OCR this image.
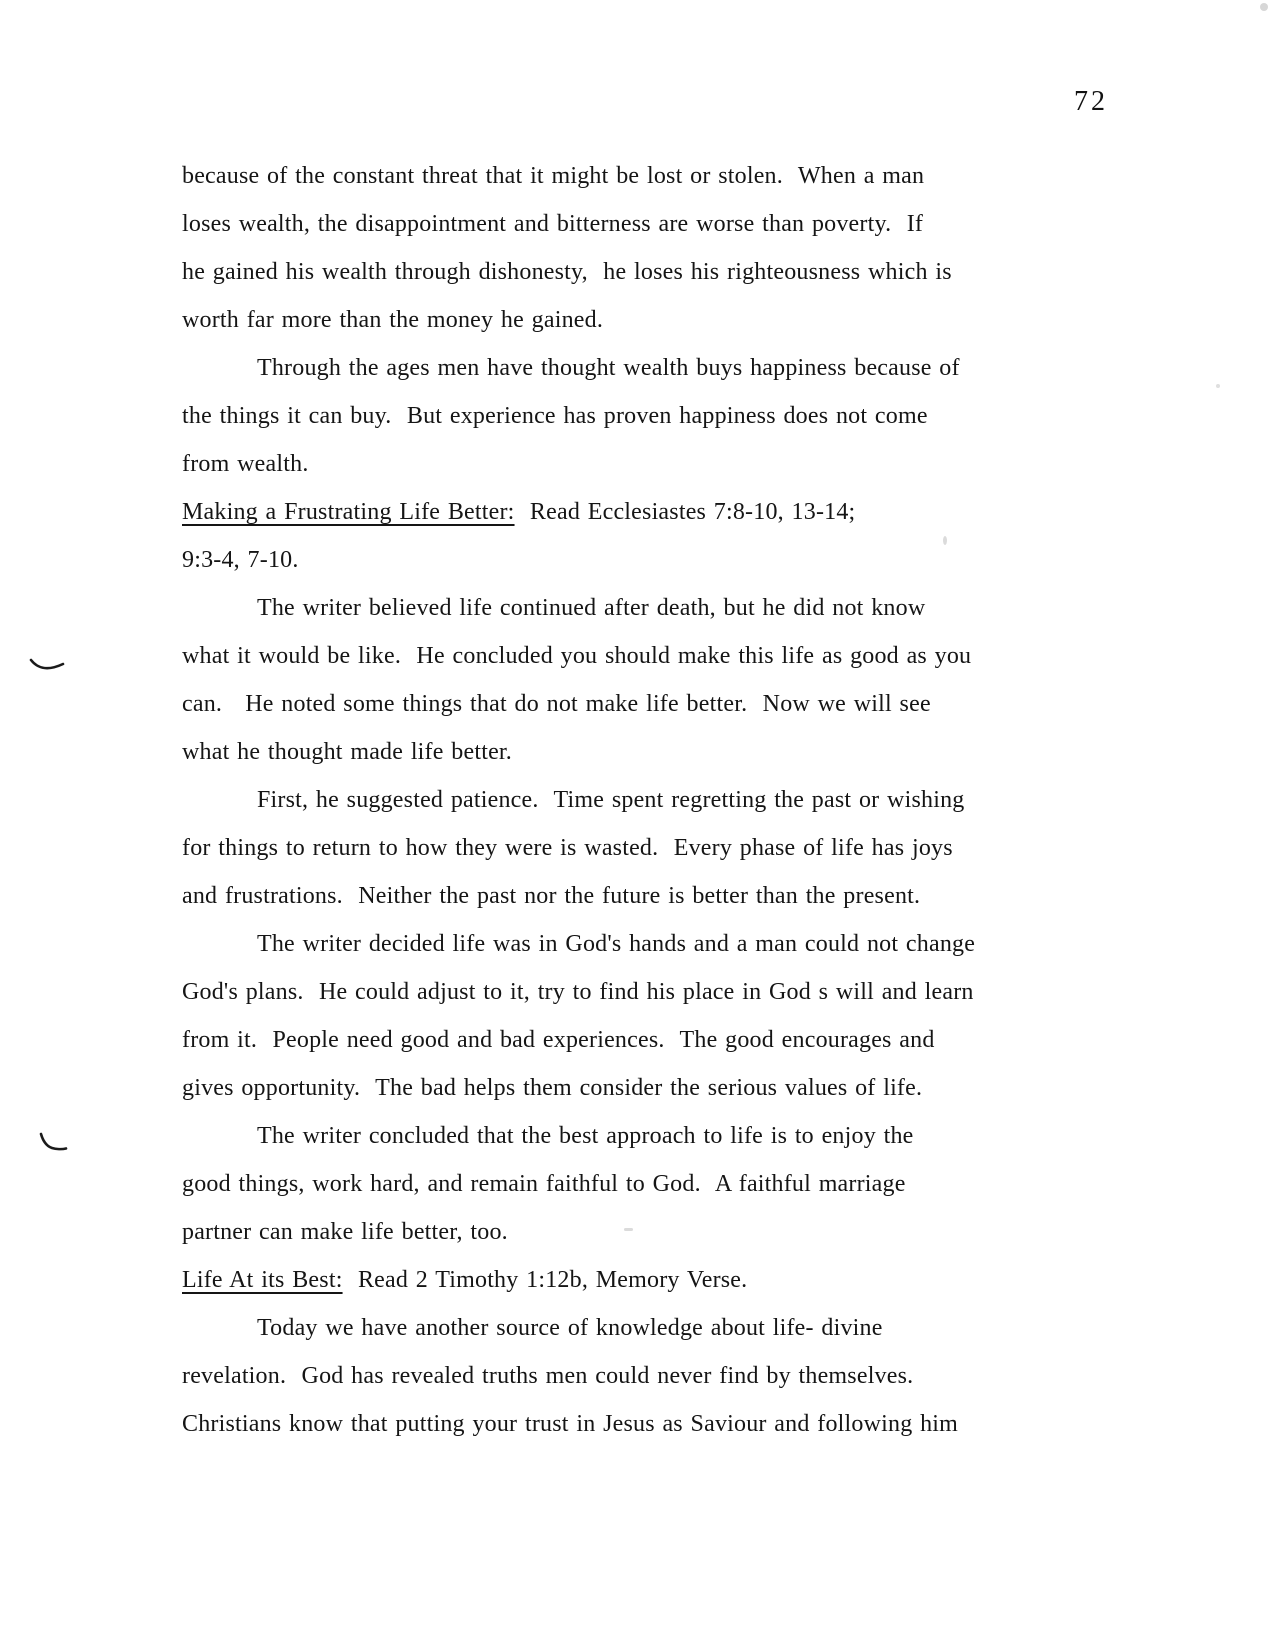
72
because of the constant threat that it might be lost or stolen.  When a man
loses wealth, the disappointment and bitterness are worse than poverty.  If
he gained his wealth through dishonesty,  he loses his righteousness which is
worth far more than the money he gained.
Through the ages men have thought wealth buys happiness because of
the things it can buy.  But experience has proven happiness does not come
from wealth.
Making a Frustrating Life Better:  Read Ecclesiastes 7:8-10, 13-14;
9:3-4, 7-10.
The writer believed life continued after death, but he did not know
what it would be like.  He concluded you should make this life as good as you
can.   He noted some things that do not make life better.  Now we will see
what he thought made life better.
First, he suggested patience.  Time spent regretting the past or wishing
for things to return to how they were is wasted.  Every phase of life has joys
and frustrations.  Neither the past nor the future is better than the present.
The writer decided life was in God's hands and a man could not change
God's plans.  He could adjust to it, try to find his place in God s will and learn
from it.  People need good and bad experiences.  The good encourages and
gives opportunity.  The bad helps them consider the serious values of life.
The writer concluded that the best approach to life is to enjoy the
good things, work hard, and remain faithful to God.  A faithful marriage
partner can make life better, too.
Life At its Best:  Read 2 Timothy 1:12b, Memory Verse.
Today we have another source of knowledge about life- divine
revelation.  God has revealed truths men could never find by themselves.
Christians know that putting your trust in Jesus as Saviour and following him
